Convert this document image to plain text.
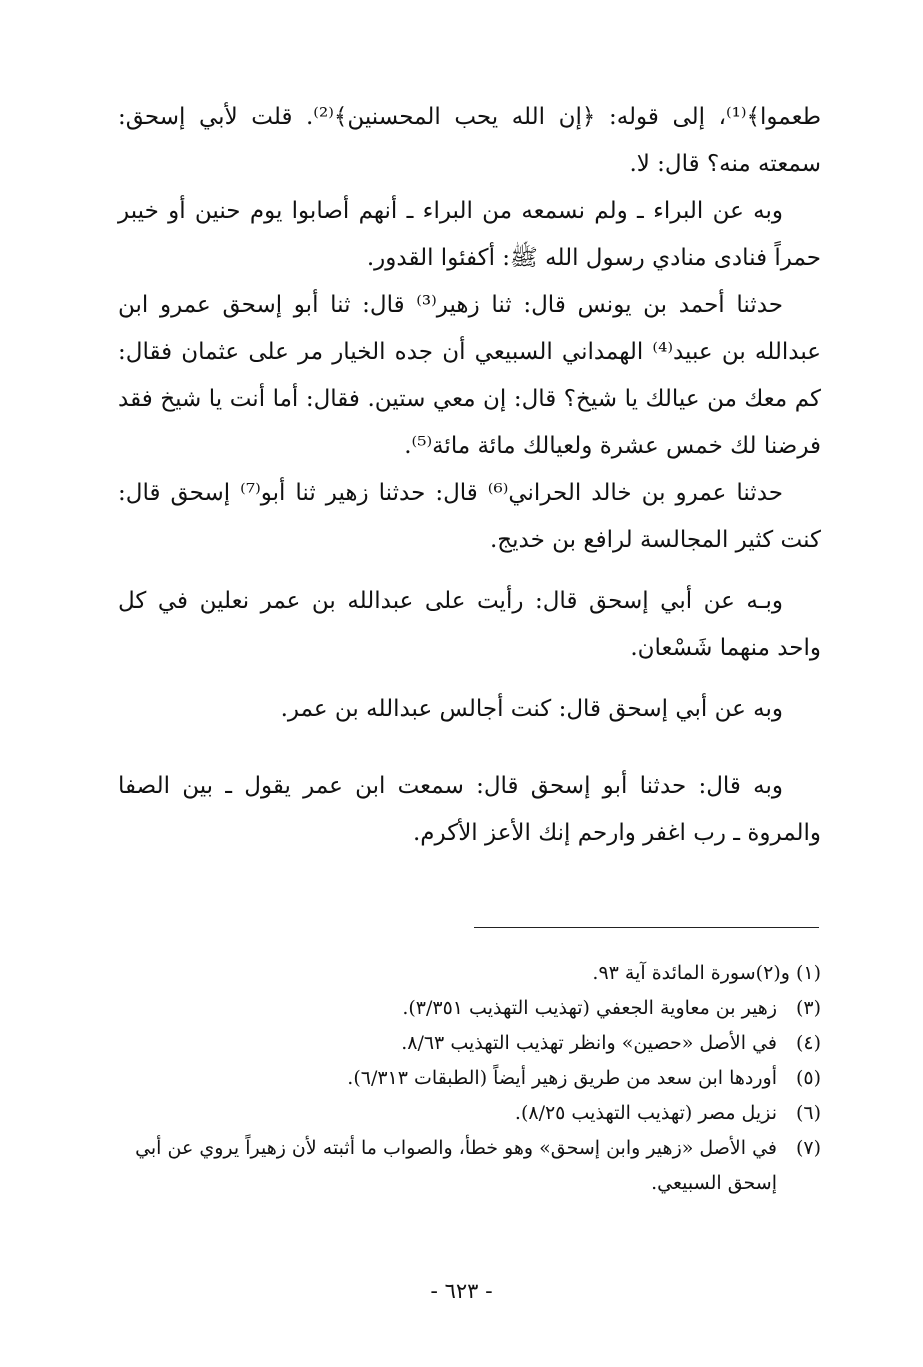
طعموا﴾⁽¹⁾، إلى قوله: ﴿إن الله يحب المحسنين﴾⁽²⁾. قلت لأبي إسحق: سمعته منه؟ قال: لا.

وبه عن البراء ـ ولم نسمعه من البراء ـ أنهم أصابوا يوم حنين أو خيبر حمراً فنادى منادي رسول الله ﷺ: أكفئوا القدور.

حدثنا أحمد بن يونس قال: ثنا زهير⁽³⁾ قال: ثنا أبو إسحق عمرو ابن عبدالله بن عبيد⁽⁴⁾ الهمداني السبيعي أن جده الخيار مر على عثمان فقال: كم معك من عيالك يا شيخ؟ قال: إن معي ستين. فقال: أما أنت يا شيخ فقد فرضنا لك خمس عشرة ولعيالك مائة مائة⁽⁵⁾.

حدثنا عمرو بن خالد الحراني⁽⁶⁾ قال: حدثنا زهير ثنا أبو⁽⁷⁾ إسحق قال: كنت كثير المجالسة لرافع بن خديج.

وبـه عن أبي إسحق قال: رأيت على عبدالله بن عمر نعلين في كل واحد منهما شَسْعان.

وبه عن أبي إسحق قال: كنت أجالس عبدالله بن عمر.

وبه قال: حدثنا أبو إسحق قال: سمعت ابن عمر يقول ـ بين الصفا والمروة ـ رب اغفر وارحم إنك الأعز الأكرم.

(١) و(٢)
سورة المائدة آية ٩٣.
(٣)
زهير بن معاوية الجعفي (تهذيب التهذيب ٣/٣٥١).
(٤)
في الأصل «حصين» وانظر تهذيب التهذيب ٨/٦٣.
(٥)
أوردها ابن سعد من طريق زهير أيضاً (الطبقات ٦/٣١٣).
(٦)
نزيل مصر (تهذيب التهذيب ٨/٢٥).
(٧)
في الأصل «زهير وابن إسحق» وهو خطأ، والصواب ما أثبته لأن زهيراً يروي عن أبي إسحق السبيعي.
- ٦٢٣ -
